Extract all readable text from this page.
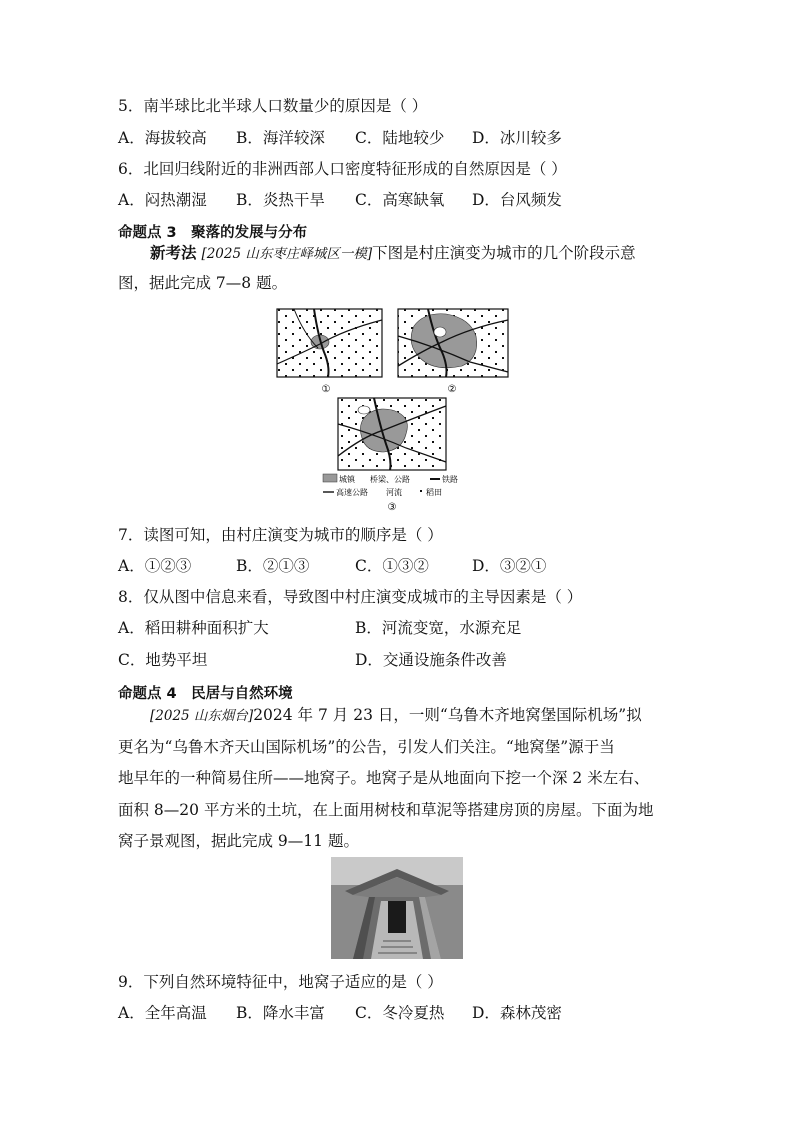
5．南半球比北半球人口数量少的原因是（ ）
A．海拔较高 B．海洋较深 C．陆地较少 D．冰川较多
6．北回归线附近的非洲西部人口密度特征形成的自然原因是（ ）
A．闷热潮湿 B．炎热干旱 C．高寒缺氧 D．台风频发
命题点 3　聚落的发展与分布
新考法 [2025 山东枣庄峄城区一模]下图是村庄演变为城市的几个阶段示意
图，据此完成 7—8 题。
①	②
城镇 桥梁、公路	铁路
高速公路 河流	稻田
③
7．读图可知，由村庄演变为城市的顺序是（ ）
A．①②③	B．②①③	C．①③②	D．③②①
8．仅从图中信息来看，导致图中村庄演变成城市的主导因素是（ ）
A．稻田耕种面积扩大	B．河流变宽，水源充足
C．地势平坦	D．交通设施条件改善
命题点 4　民居与自然环境
[2025 山东烟台]2024 年 7 月 23 日，一则“乌鲁木齐地窝堡国际机场”拟
更名为“乌鲁木齐天山国际机场”的公告，引发人们关注。“地窝堡”源于当
地早年的一种简易住所——地窝子。地窝子是从地面向下挖一个深 2 米左右、
面积 8—20 平方米的土坑，在上面用树枝和草泥等搭建房顶的房屋。下面为地
窝子景观图，据此完成 9—11 题。
9．下列自然环境特征中，地窝子适应的是（ ）
A．全年高温 B．降水丰富 C．冬冷夏热 D．森林茂密
